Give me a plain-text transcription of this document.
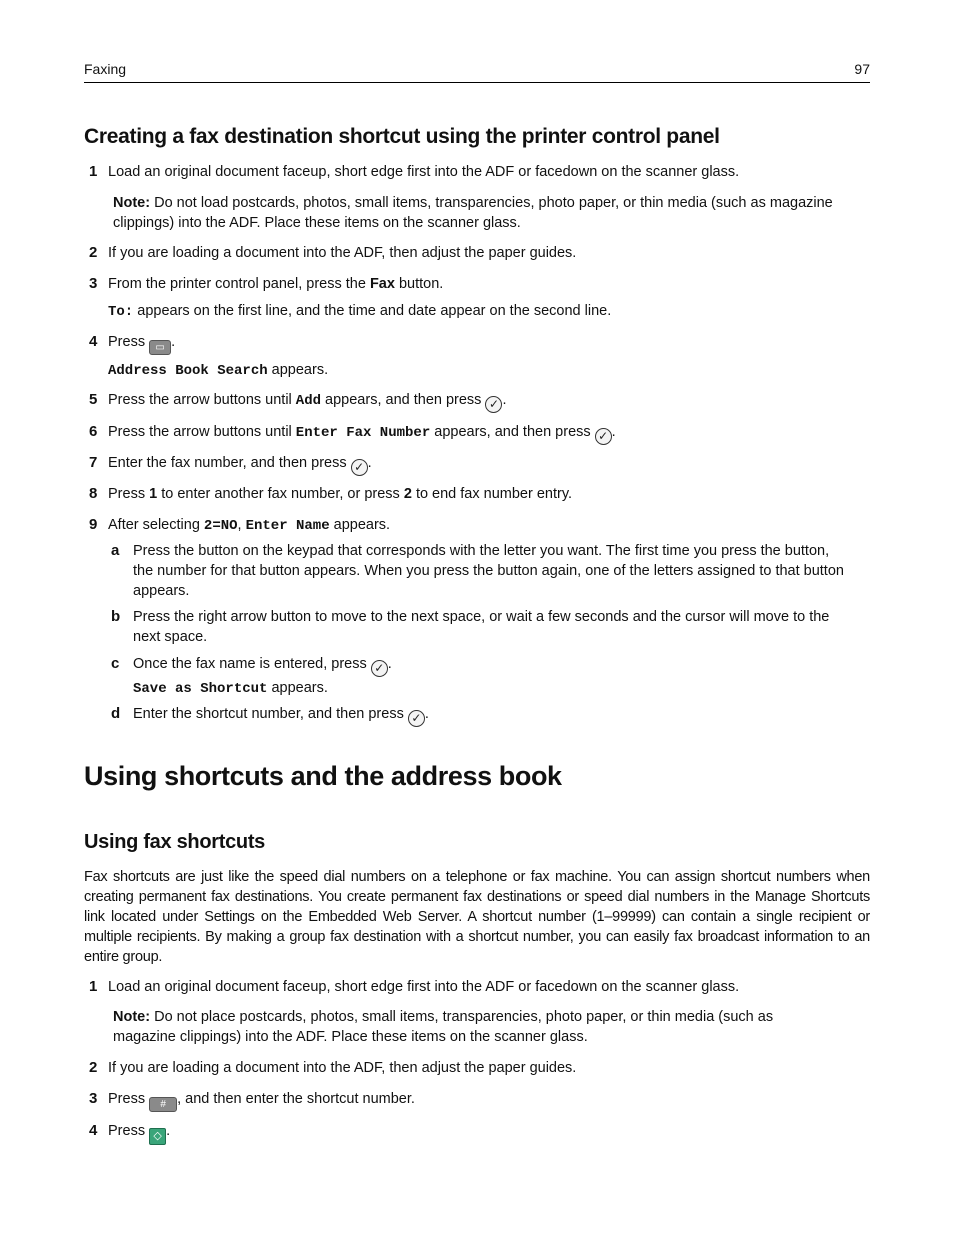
Faxing	97
Creating a fax destination shortcut using the printer control panel
1 Load an original document faceup, short edge first into the ADF or facedown on the scanner glass.
Note: Do not load postcards, photos, small items, transparencies, photo paper, or thin media (such as magazine
clippings) into the ADF. Place these items on the scanner glass.
2 If you are loading a document into the ADF, then adjust the paper guides.
3 From the printer control panel, press the Fax button.
To: appears on the first line, and the time and date appear on the second line.
4 Press ▭ .
Address Book Search appears.
5 Press the arrow buttons until Add appears, and then press ✓ .
6 Press the arrow buttons until Enter Fax Number appears, and then press ✓ .
7 Enter the fax number, and then press ✓ .
8 Press 1 to enter another fax number, or press 2 to end fax number entry.
9 After selecting 2=NO, Enter Name appears.
a Press the button on the keypad that corresponds with the letter you want. The first time you press the button,
the number for that button appears. When you press the button again, one of the letters assigned to that button
appears.
b Press the right arrow button to move to the next space, or wait a few seconds and the cursor will move to the
next space.
c Once the fax name is entered, press ✓ .
Save as Shortcut appears.
d Enter the shortcut number, and then press ✓ .
Using shortcuts and the address book
Using fax shortcuts
Fax shortcuts are just like the speed dial numbers on a telephone or fax machine. You can assign shortcut numbers when creating permanent fax destinations. You create permanent fax destinations or speed dial numbers in the Manage Shortcuts link located under Settings on the Embedded Web Server. A shortcut number (1–99999) can contain a single recipient or multiple recipients. By making a group fax destination with a shortcut number, you can easily fax broadcast information to an entire group.
1 Load an original document faceup, short edge first into the ADF or facedown on the scanner glass.
Note: Do not place postcards, photos, small items, transparencies, photo paper, or thin media (such as
magazine clippings) into the ADF. Place these items on the scanner glass.
2 If you are loading a document into the ADF, then adjust the paper guides.
3 Press # , and then enter the shortcut number.
4 Press ◇ .
